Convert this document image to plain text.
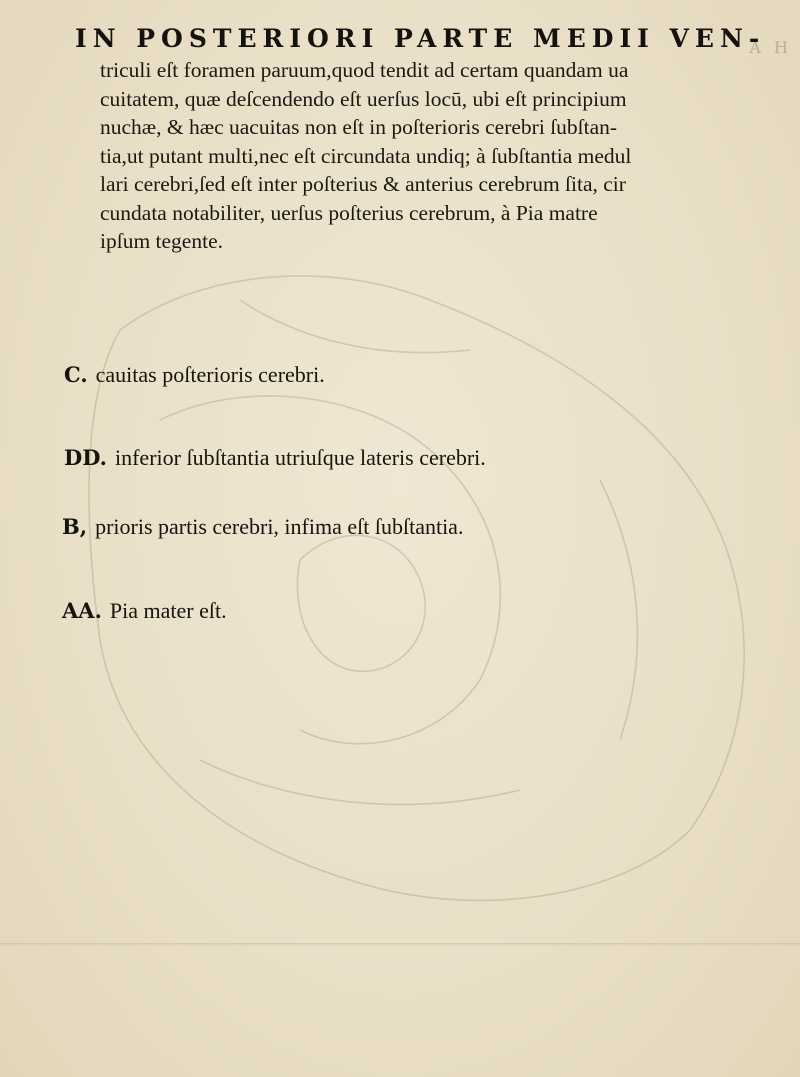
A H
IN POSTERIORI PARTE MEDII VEN-
triculi eſt foramen paruum,quod tendit ad certam quandam ua
cuitatem, quæ deſcendendo eſt uerſus locū, ubi eſt principium
nuchæ, & hæc uacuitas non eſt in poſterioris cerebri ſubſtan-
tia,ut putant multi,nec eſt circundata undiq; à ſubſtantia medul
lari cerebri,ſed eſt inter poſterius & anterius cerebrum ſita, cir
cundata notabiliter, uerſus poſterius cerebrum, à Pia matre
ipſum tegente.
C. cauitas poſterioris cerebri.
DD. inferior ſubſtantia utriuſque lateris cerebri.
B, prioris partis cerebri, infima eſt ſubſtantia.
AA. Pia mater eſt.
